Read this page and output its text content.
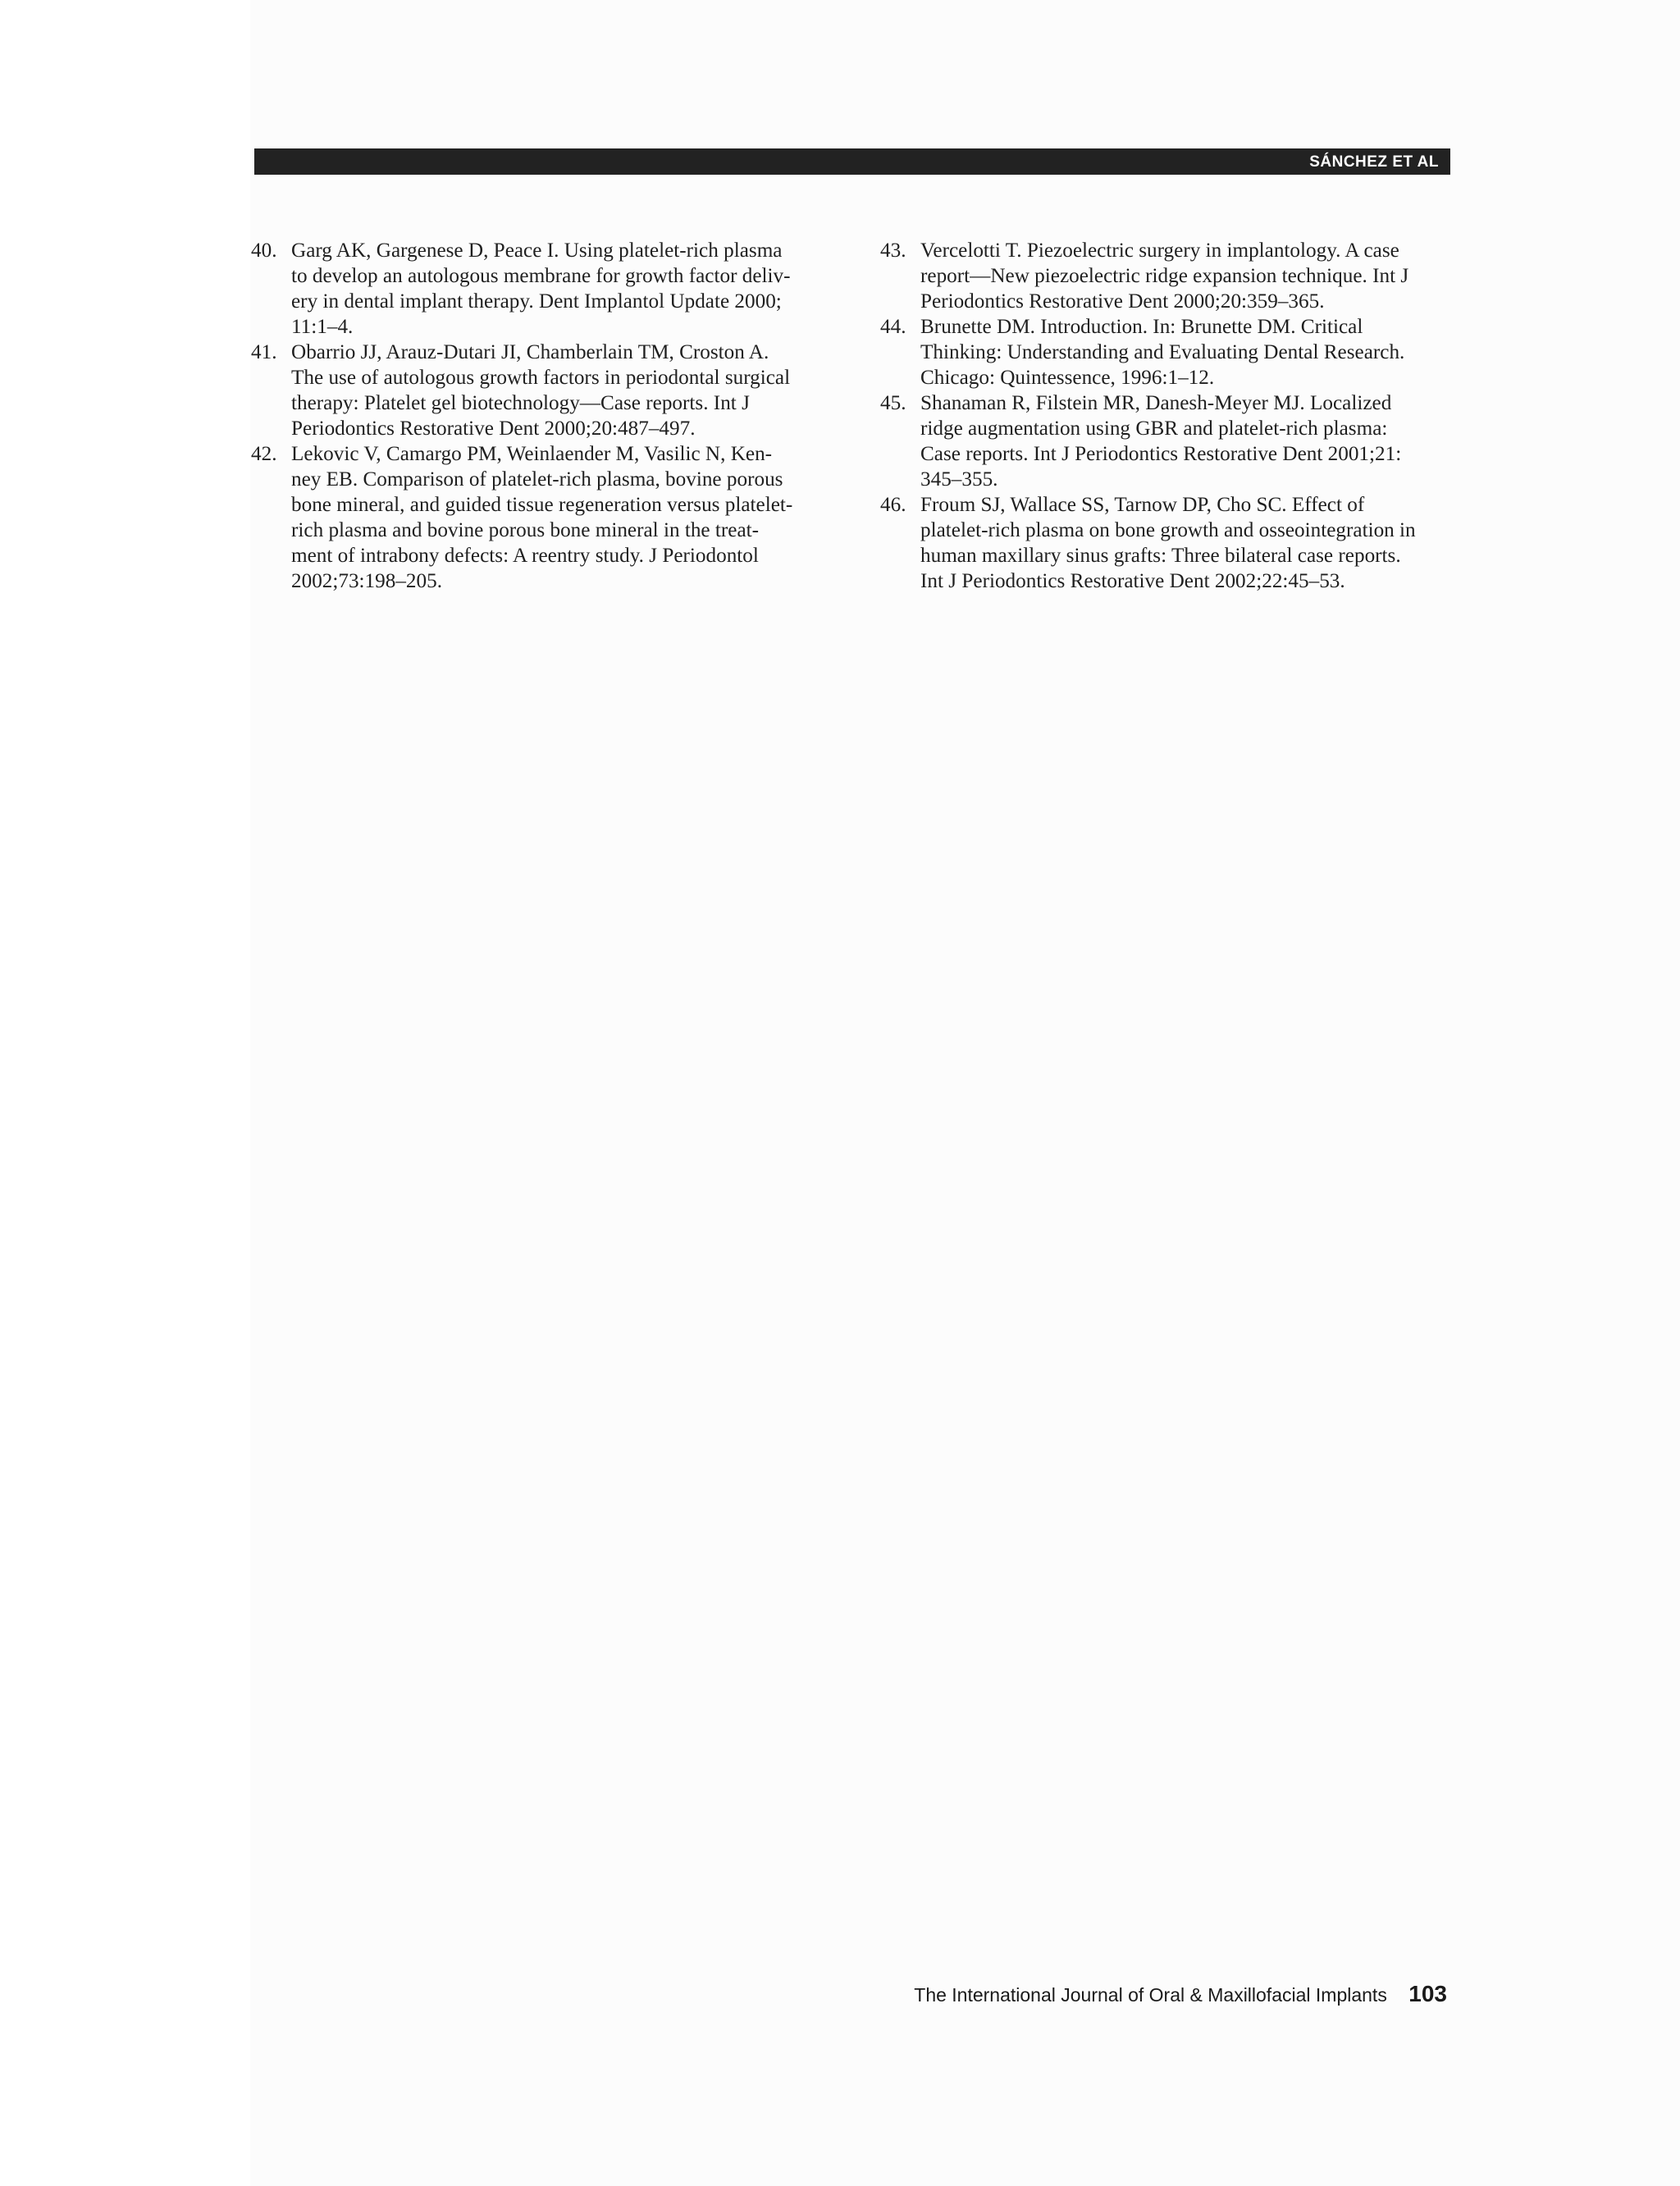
SÁNCHEZ ET AL
40. Garg AK, Gargenese D, Peace I. Using platelet-rich plasma
to develop an autologous membrane for growth factor deliv-
ery in dental implant therapy. Dent Implantol Update 2000;
11:1–4.
41. Obarrio JJ, Arauz-Dutari JI, Chamberlain TM, Croston A.
The use of autologous growth factors in periodontal surgical
therapy: Platelet gel biotechnology—Case reports. Int J
Periodontics Restorative Dent 2000;20:487–497.
42. Lekovic V, Camargo PM, Weinlaender M, Vasilic N, Ken-
ney EB. Comparison of platelet-rich plasma, bovine porous
bone mineral, and guided tissue regeneration versus platelet-
rich plasma and bovine porous bone mineral in the treat-
ment of intrabony defects: A reentry study. J Periodontol
2002;73:198–205.
43. Vercelotti T. Piezoelectric surgery in implantology. A case
report—New piezoelectric ridge expansion technique. Int J
Periodontics Restorative Dent 2000;20:359–365.
44. Brunette DM. Introduction. In: Brunette DM. Critical
Thinking: Understanding and Evaluating Dental Research.
Chicago: Quintessence, 1996:1–12.
45. Shanaman R, Filstein MR, Danesh-Meyer MJ. Localized
ridge augmentation using GBR and platelet-rich plasma:
Case reports. Int J Periodontics Restorative Dent 2001;21:
345–355.
46. Froum SJ, Wallace SS, Tarnow DP, Cho SC. Effect of
platelet-rich plasma on bone growth and osseointegration in
human maxillary sinus grafts: Three bilateral case reports.
Int J Periodontics Restorative Dent 2002;22:45–53.
The International Journal of Oral & Maxillofacial Implants 103
